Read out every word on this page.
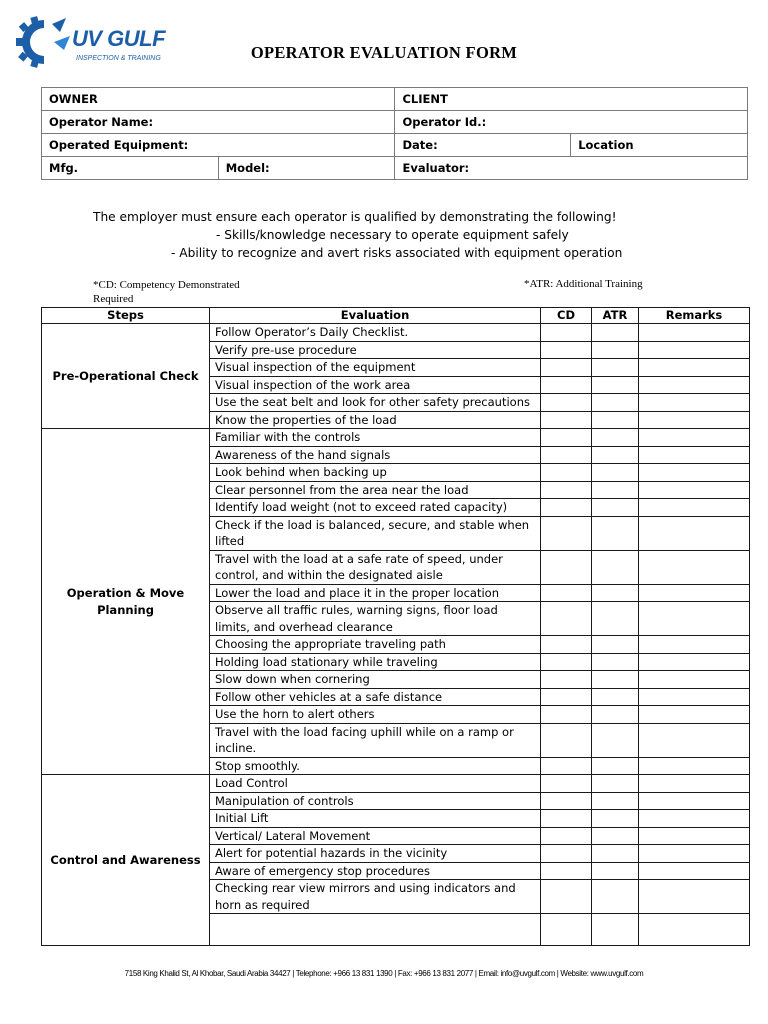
UV GULF
INSPECTION & TRAINING	OPERATOR EVALUATION FORM
OWNER		CLIENT	
Operator Name:		Operator Id.:	
Operated Equipment:		Date:	Location
Mfg.	Model:	Evaluator:	
The employer must ensure each operator is qualified by demonstrating the following!
- Skills/knowledge necessary to operate equipment safely
- Ability to recognize and avert risks associated with equipment operation
*CD: Competency Demonstrated Required
*ATR: Additional Training
Steps	Evaluation	CD	ATR	Remarks
Pre-Operational Check	Follow Operator’s Daily Checklist.			
	Verify pre-use procedure			
	Visual inspection of the equipment			
	Visual inspection of the work area			
	Use the seat belt and look for other safety precautions			
	Know the properties of the load			
Operation & Move Planning	Familiar with the controls			
	Awareness of the hand signals			
	Look behind when backing up			
	Clear personnel from the area near the load			
	Identify load weight (not to exceed rated capacity)			
	Check if the load is balanced, secure, and stable when lifted			
	Travel with the load at a safe rate of speed, under control, and within the designated aisle			
	Lower the load and place it in the proper location			
	Observe all traffic rules, warning signs, floor load limits, and overhead clearance			
	Choosing the appropriate traveling path			
	Holding load stationary while traveling			
	Slow down when cornering			
	Follow other vehicles at a safe distance			
	Use the horn to alert others			
	Travel with the load facing uphill while on a ramp or incline.			
	Stop smoothly.			
Control and Awareness	Load Control			
	Manipulation of controls			
	Initial Lift			
	Vertical/ Lateral Movement			
	Alert for potential hazards in the vicinity			
	Aware of emergency stop procedures			
	Checking rear view mirrors and using indicators and horn as required			

7158 King Khalid St, Al Khobar, Saudi Arabia 34427 | Telephone: +966 13 831 1390 | Fax: +966 13 831 2077 | Email: info@uvgulf.com | Website: www.uvgulf.com
